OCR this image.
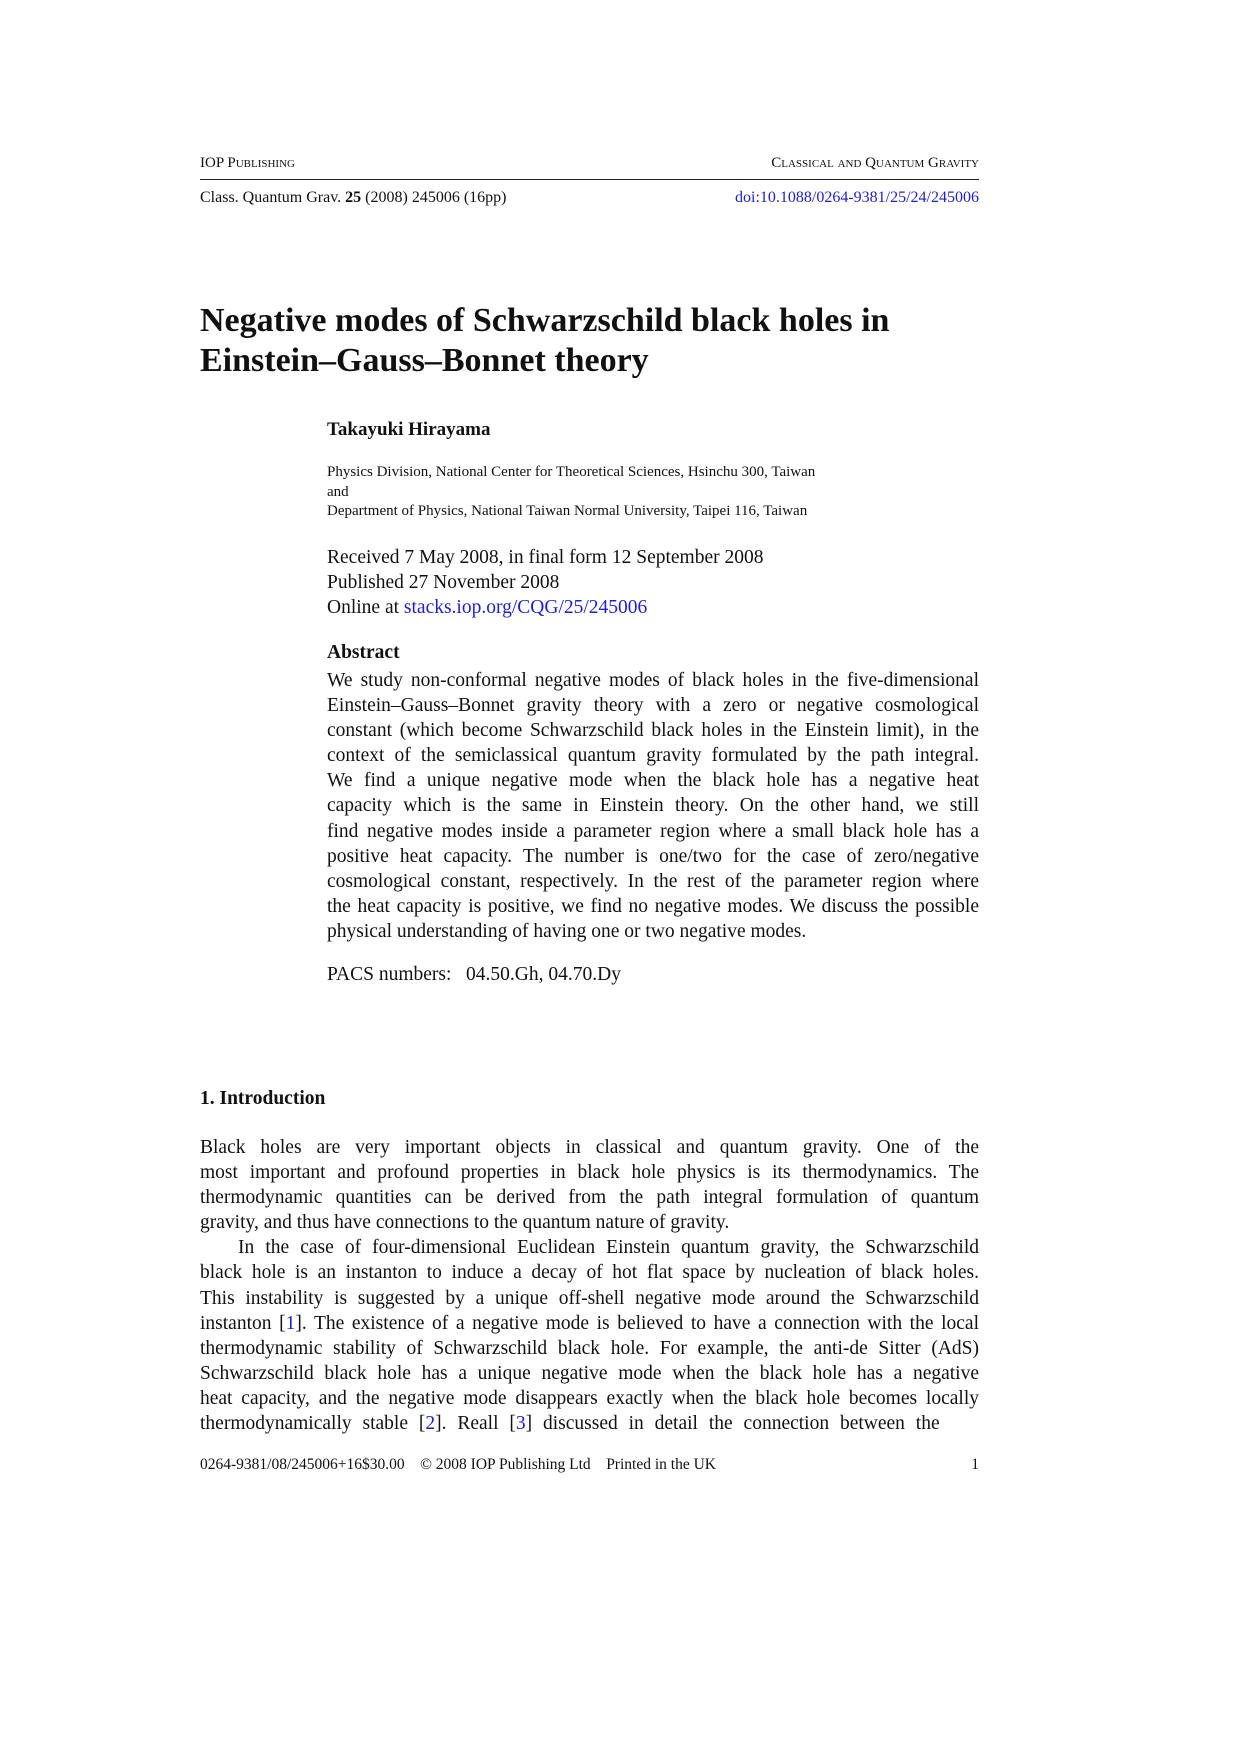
IOP Publishing	Classical and Quantum Gravity
Class. Quantum Grav. 25 (2008) 245006 (16pp)	doi:10.1088/0264-9381/25/24/245006
Negative modes of Schwarzschild black holes in
Einstein–Gauss–Bonnet theory
Takayuki Hirayama
Physics Division, National Center for Theoretical Sciences, Hsinchu 300, Taiwan
and
Department of Physics, National Taiwan Normal University, Taipei 116, Taiwan
Received 7 May 2008, in final form 12 September 2008
Published 27 November 2008
Online at stacks.iop.org/CQG/25/245006
Abstract
We study non-conformal negative modes of black holes in the five-dimensional
Einstein–Gauss–Bonnet gravity theory with a zero or negative cosmological
constant (which become Schwarzschild black holes in the Einstein limit), in the
context of the semiclassical quantum gravity formulated by the path integral.
We find a unique negative mode when the black hole has a negative heat
capacity which is the same in Einstein theory. On the other hand, we still
find negative modes inside a parameter region where a small black hole has a
positive heat capacity. The number is one/two for the case of zero/negative
cosmological constant, respectively. In the rest of the parameter region where
the heat capacity is positive, we find no negative modes. We discuss the possible
physical understanding of having one or two negative modes.
PACS numbers:   04.50.Gh, 04.70.Dy
1. Introduction
Black holes are very important objects in classical and quantum gravity. One of the
most important and profound properties in black hole physics is its thermodynamics. The
thermodynamic quantities can be derived from the path integral formulation of quantum
gravity, and thus have connections to the quantum nature of gravity.
In the case of four-dimensional Euclidean Einstein quantum gravity, the Schwarzschild
black hole is an instanton to induce a decay of hot flat space by nucleation of black holes.
This instability is suggested by a unique off-shell negative mode around the Schwarzschild
instanton [1]. The existence of a negative mode is believed to have a connection with the local
thermodynamic stability of Schwarzschild black hole. For example, the anti-de Sitter (AdS)
Schwarzschild black hole has a unique negative mode when the black hole has a negative
heat capacity, and the negative mode disappears exactly when the black hole becomes locally
thermodynamically stable [2]. Reall [3] discussed in detail the connection between the
0264-9381/08/245006+16$30.00 © 2008 IOP Publishing Ltd Printed in the UK	1
